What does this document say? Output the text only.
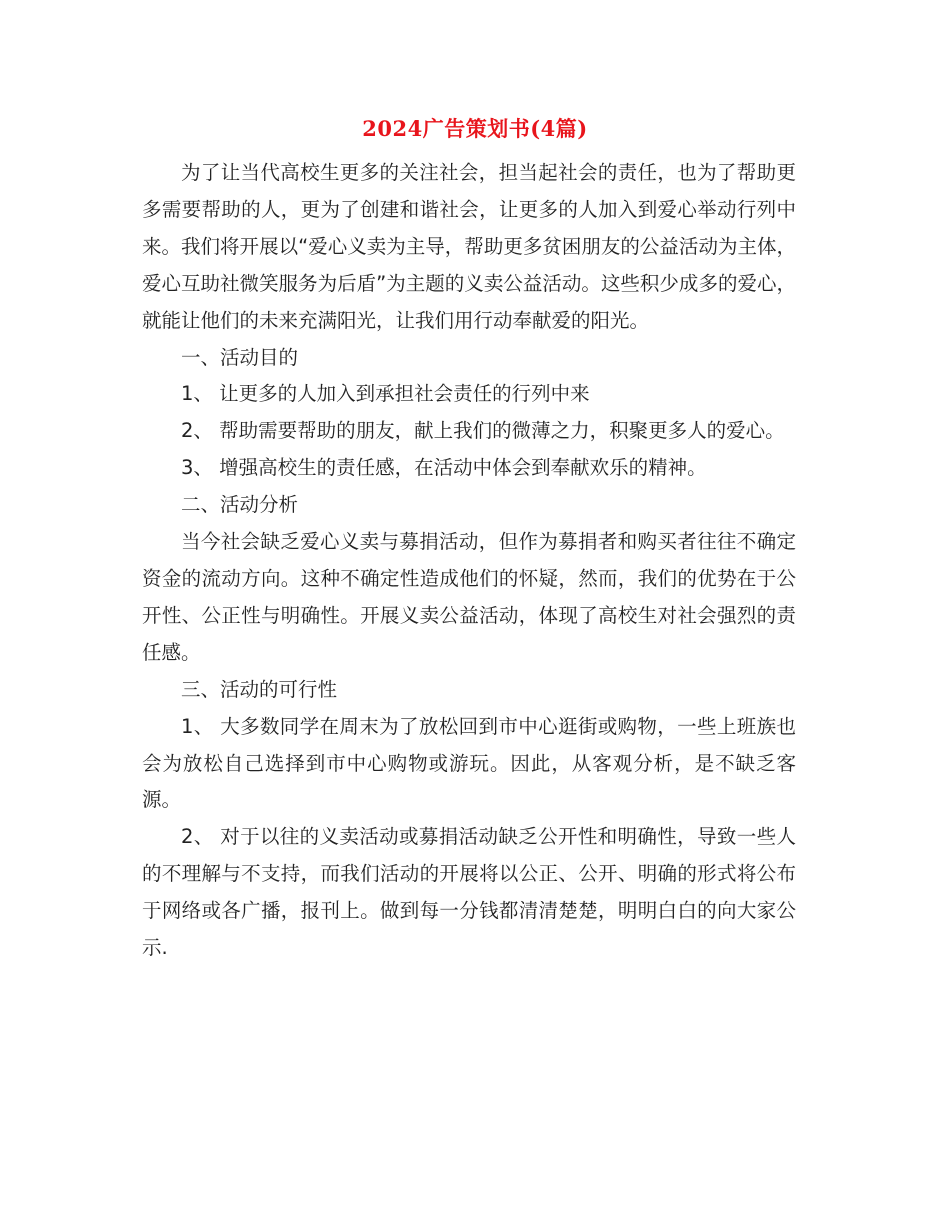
2024广告策划书(4篇)

为了让当代高校生更多的关注社会，担当起社会的责任，也为了帮助更多需要帮助的人，更为了创建和谐社会，让更多的人加入到爱心举动行列中来。我们将开展以“爱心义卖为主导，帮助更多贫困朋友的公益活动为主体，爱心互助社微笑服务为后盾”为主题的义卖公益活动。这些积少成多的爱心，就能让他们的未来充满阳光，让我们用行动奉献爱的阳光。

一、活动目的

1、 让更多的人加入到承担社会责任的行列中来

2、 帮助需要帮助的朋友，献上我们的微薄之力，积聚更多人的爱心。

3、 增强高校生的责任感，在活动中体会到奉献欢乐的精神。

二、活动分析

当今社会缺乏爱心义卖与募捐活动，但作为募捐者和购买者往往不确定资金的流动方向。这种不确定性造成他们的怀疑，然而，我们的优势在于公开性、公正性与明确性。开展义卖公益活动，体现了高校生对社会强烈的责任感。

三、活动的可行性

1、 大多数同学在周末为了放松回到市中心逛街或购物，一些上班族也会为放松自己选择到市中心购物或游玩。因此，从客观分析，是不缺乏客源。

2、 对于以往的义卖活动或募捐活动缺乏公开性和明确性，导致一些人的不理解与不支持，而我们活动的开展将以公正、公开、明确的形式将公布于网络或各广播，报刊上。做到每一分钱都清清楚楚，明明白白的向大家公示.
